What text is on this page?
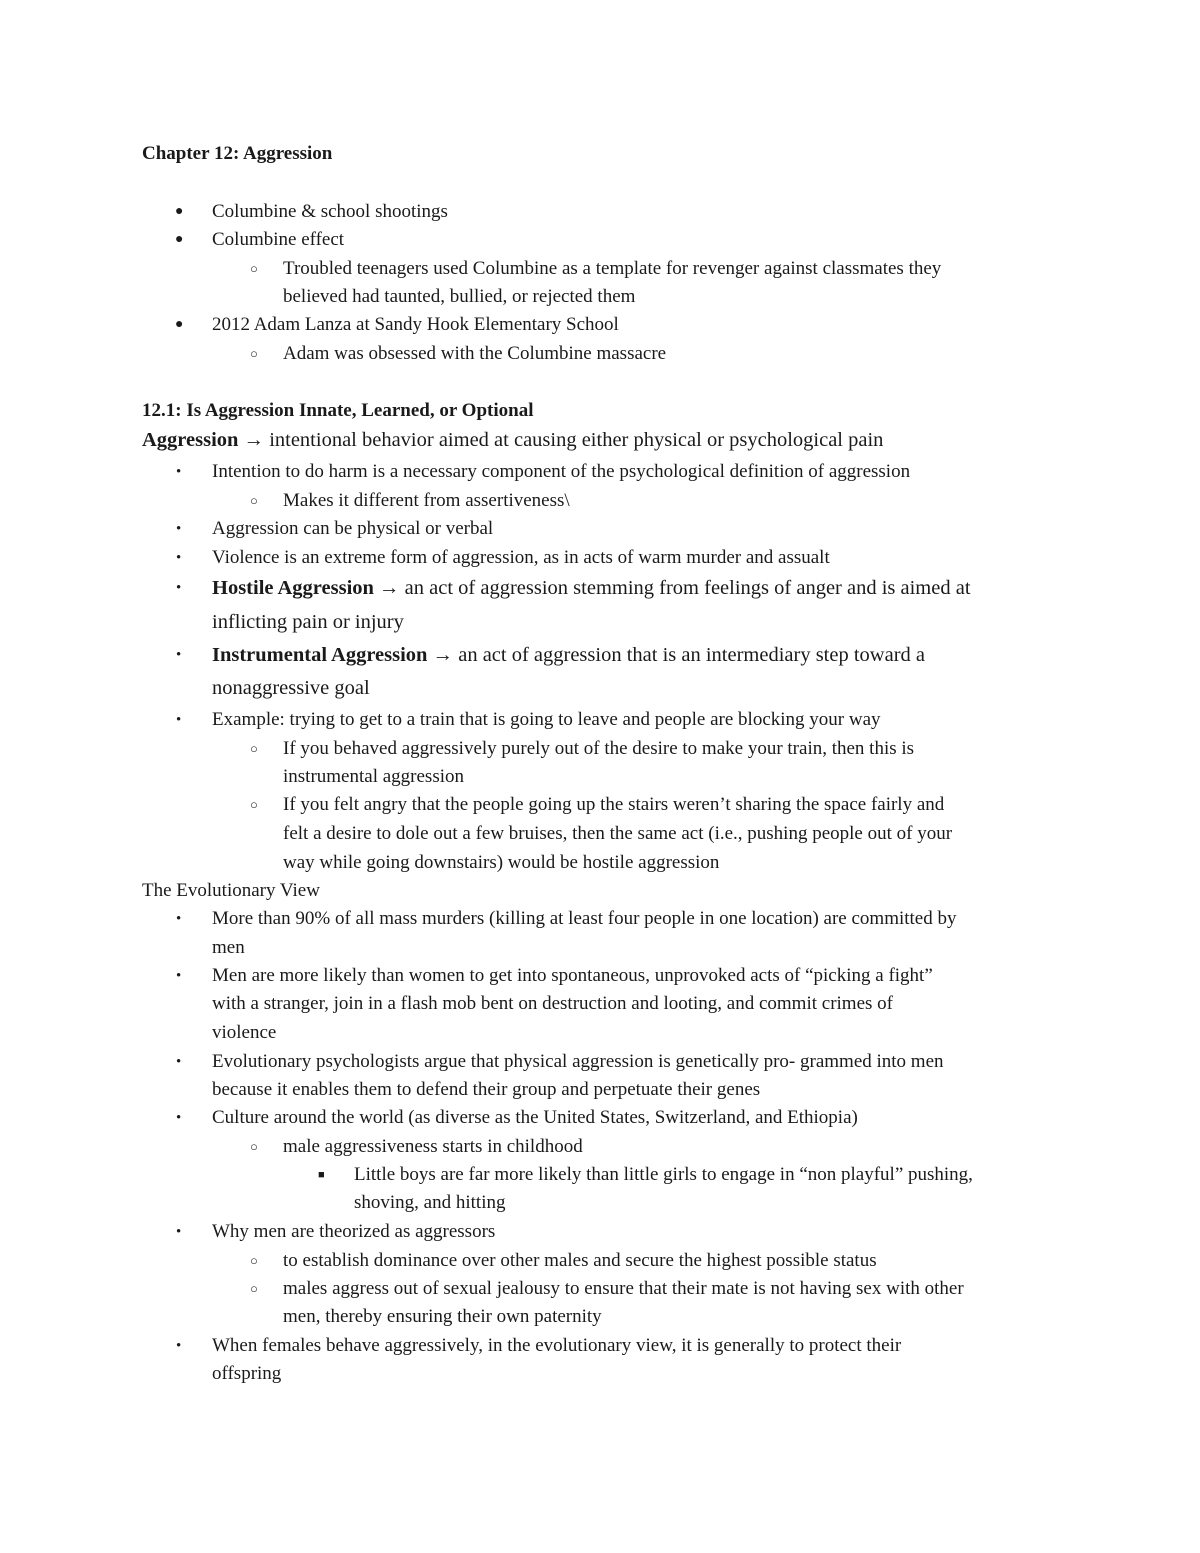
Chapter 12: Aggression
● Columbine & school shootings
● Columbine effect
○ Troubled teenagers used Columbine as a template for revenger against classmates they
believed had taunted, bullied, or rejected them
● 2012 Adam Lanza at Sandy Hook Elementary School
○ Adam was obsessed with the Columbine massacre
12.1: Is Aggression Innate, Learned, or Optional
Aggression → intentional behavior aimed at causing either physical or psychological pain
• Intention to do harm is a necessary component of the psychological definition of aggression
○ Makes it different from assertiveness\
• Aggression can be physical or verbal
• Violence is an extreme form of aggression, as in acts of warm murder and assualt
• Hostile Aggression → an act of aggression stemming from feelings of anger and is aimed at
inflicting pain or injury
• Instrumental Aggression → an act of aggression that is an intermediary step toward a
nonaggressive goal
• Example: trying to get to a train that is going to leave and people are blocking your way
○ If you behaved aggressively purely out of the desire to make your train, then this is
instrumental aggression
○ If you felt angry that the people going up the stairs weren’t sharing the space fairly and
felt a desire to dole out a few bruises, then the same act (i.e., pushing people out of your
way while going downstairs) would be hostile aggression
The Evolutionary View
• More than 90% of all mass murders (killing at least four people in one location) are committed by
men
• Men are more likely than women to get into spontaneous, unprovoked acts of “picking a fight”
with a stranger, join in a flash mob bent on destruction and looting, and commit crimes of
violence
• Evolutionary psychologists argue that physical aggression is genetically pro- grammed into men
because it enables them to defend their group and perpetuate their genes
• Culture around the world (as diverse as the United States, Switzerland, and Ethiopia)
○ male aggressiveness starts in childhood
■ Little boys are far more likely than little girls to engage in “non playful” pushing,
shoving, and hitting
• Why men are theorized as aggressors
○ to establish dominance over other males and secure the highest possible status
○ males aggress out of sexual jealousy to ensure that their mate is not having sex with other
men, thereby ensuring their own paternity
• When females behave aggressively, in the evolutionary view, it is generally to protect their
offspring
